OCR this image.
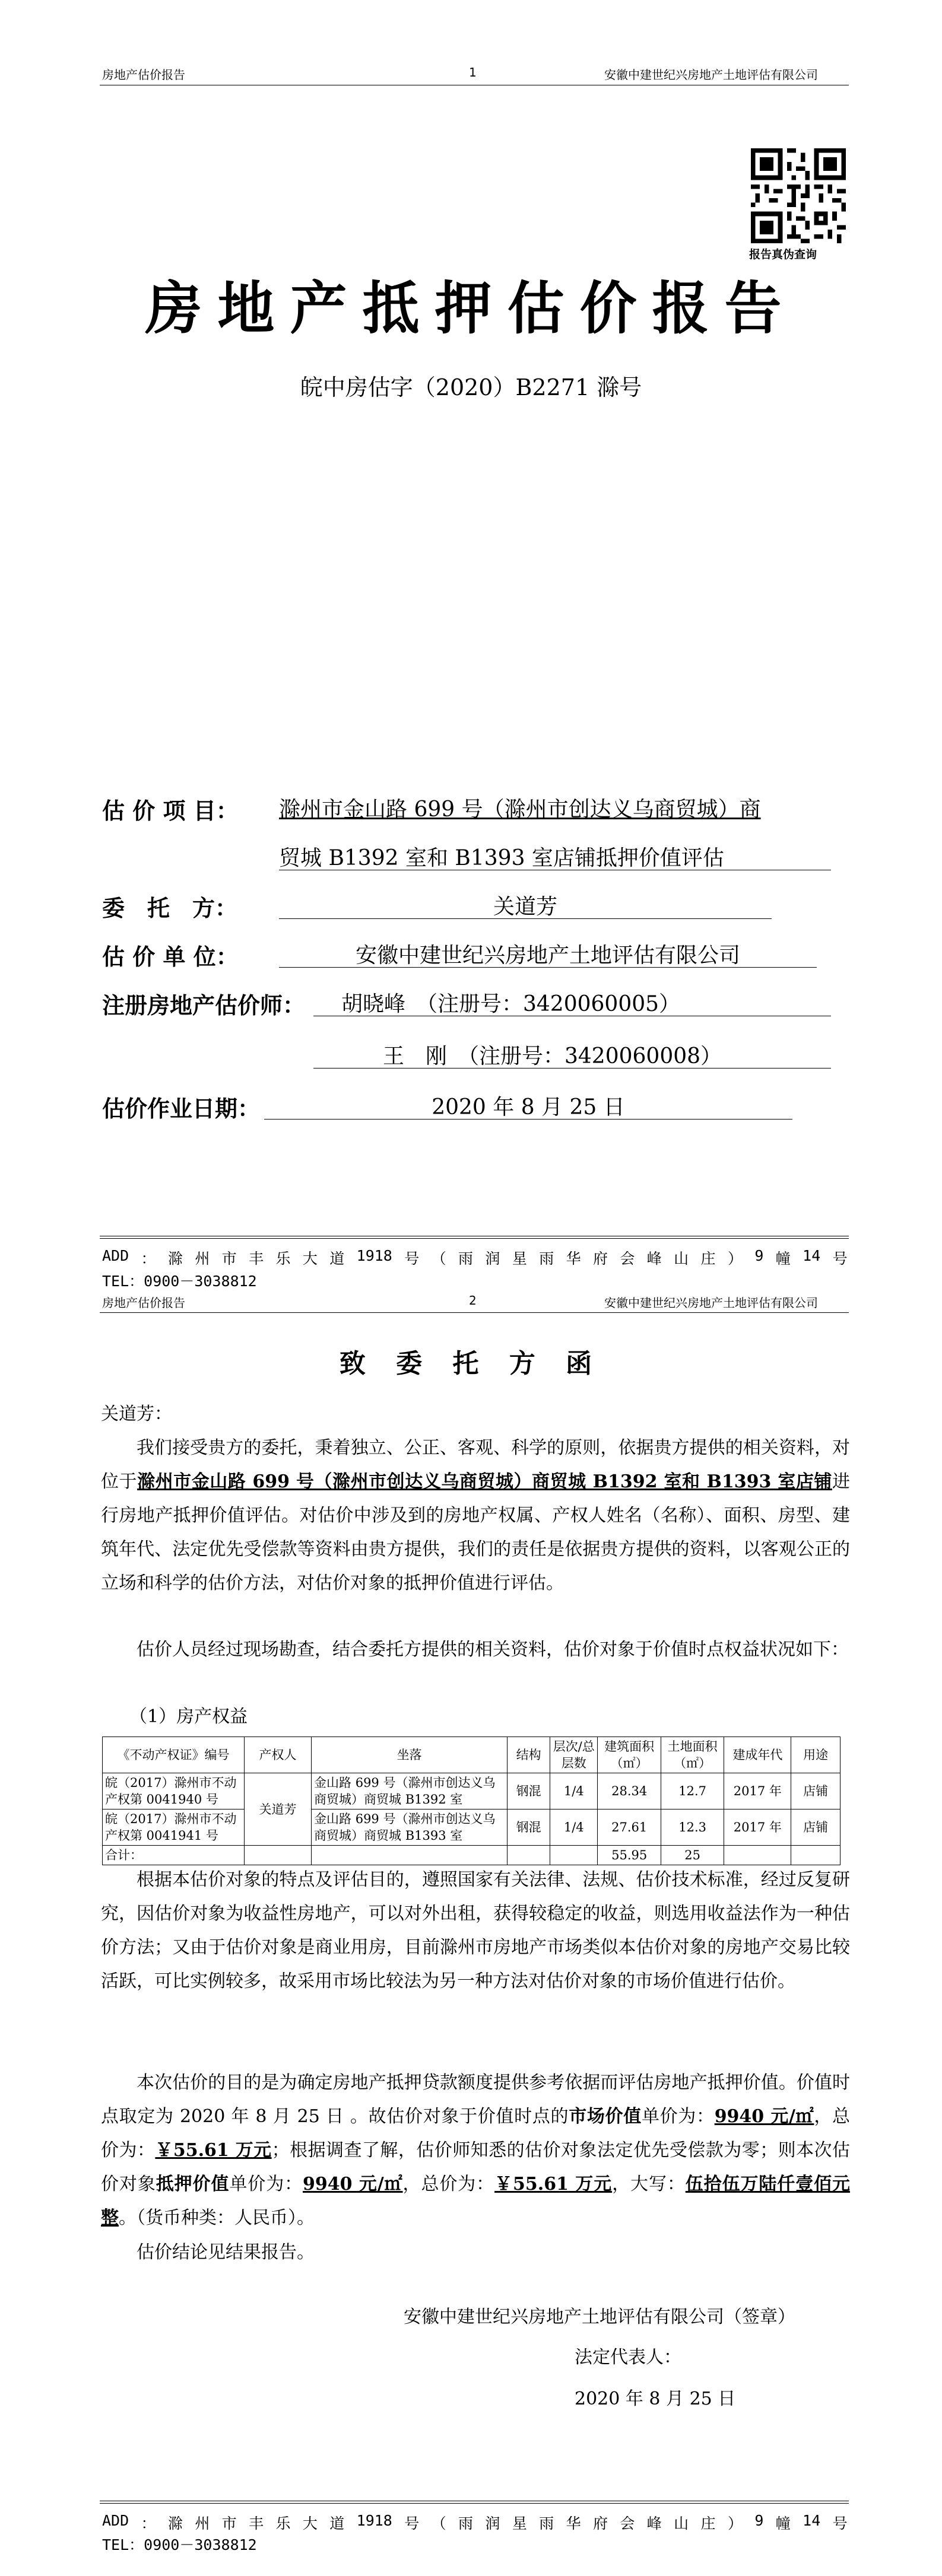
房地产估价报告	1	安徽中建世纪兴房地产土地评估有限公司
报告真伪查询
房地产抵押估价报告
皖中房估字（2020）B2271 滁号
估 价 项 目： 滁州市金山路 699 号（滁州市创达义乌商贸城）商
贸城 B1392 室和 B1393 室店铺抵押价值评估
委　托　方：	关道芳
估 价 单 位：	安徽中建世纪兴房地产土地评估有限公司
注册房地产估价师： 胡晓峰　（注册号：3420060005）
王　刚　（注册号：3420060008）
估价作业日期：	2020 年 8 月 25 日
ADD ： 滁 州 市 丰 乐 大 道 1918 号 （ 雨 润 星 雨 华 府 会 峰 山 庄 ） 9 幢 14 号
TEL：0900－3038812
房地产估价报告	2	安徽中建世纪兴房地产土地评估有限公司
致 委 托 方 函
关道芳：
我们接受贵方的委托，秉着独立、公正、客观、科学的原则，依据贵方提供的相关资料，对位于滁州市金山路 699 号（滁州市创达义乌商贸城）商贸城 B1392 室和 B1393 室店铺进行房地产抵押价值评估。对估价中涉及到的房地产权属、产权人姓名（名称）、面积、房型、建筑年代、法定优先受偿款等资料由贵方提供，我们的责任是依据贵方提供的资料，以客观公正的立场和科学的估价方法，对估价对象的抵押价值进行评估。
估价人员经过现场勘查，结合委托方提供的相关资料，估价对象于价值时点权益状况如下：
（1）房产权益
《不动产权证》编号	产权人	坐落	结构	层次/总层数	建筑面积（㎡）	土地面积（㎡）	建成年代	用途
皖（2017）滁州市不动产权第 0041940 号	关道芳	金山路 699 号（滁州市创达义乌商贸城）商贸城 B1392 室	钢混	1/4	28.34	12.7	2017 年	店铺
皖（2017）滁州市不动产权第 0041941 号		金山路 699 号（滁州市创达义乌商贸城）商贸城 B1393 室	钢混	1/4	27.61	12.3	2017 年	店铺
合计：					55.95	25		
根据本估价对象的特点及评估目的，遵照国家有关法律、法规、估价技术标准，经过反复研究，因估价对象为收益性房地产，可以对外出租，获得较稳定的收益，则选用收益法作为一种估价方法；又由于估价对象是商业用房，目前滁州市房地产市场类似本估价对象的房地产交易比较活跃，可比实例较多，故采用市场比较法为另一种方法对估价对象的市场价值进行估价。
本次估价的目的是为确定房地产抵押贷款额度提供参考依据而评估房地产抵押价值。价值时点取定为 2020 年 8 月 25 日 。故估价对象于价值时点的市场价值单价为：9940 元/㎡，总价为：￥55.61 万元；根据调查了解，估价师知悉的估价对象法定优先受偿款为零；则本次估价对象抵押价值单价为：9940 元/㎡，总价为：￥55.61 万元，大写：伍拾伍万陆仟壹佰元整。（货币种类：人民币）。
估价结论见结果报告。
安徽中建世纪兴房地产土地评估有限公司（签章）
法定代表人：
2020 年 8 月 25 日
ADD ： 滁 州 市 丰 乐 大 道 1918 号 （ 雨 润 星 雨 华 府 会 峰 山 庄 ） 9 幢 14 号
TEL：0900－3038812
